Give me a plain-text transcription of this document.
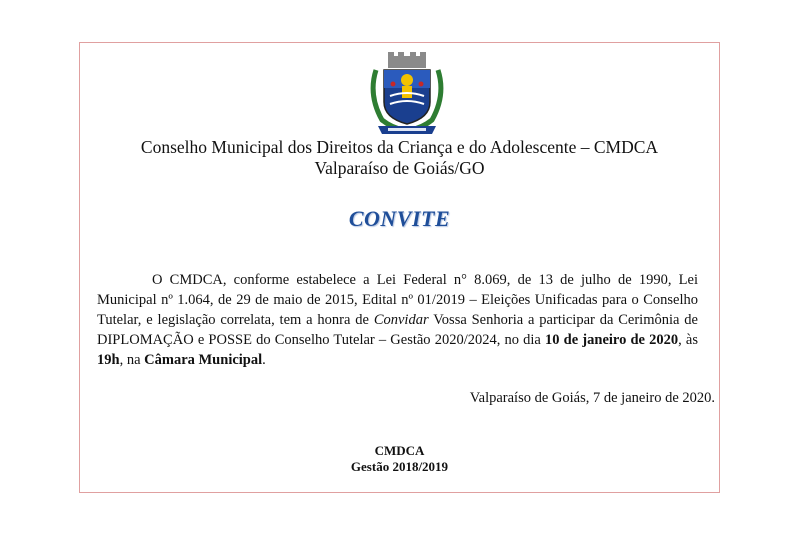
Conselho Municipal dos Direitos da Criança e do Adolescente – CMDCA
Valparaíso de Goiás/GO
CONVITE
O CMDCA, conforme estabelece a Lei Federal n° 8.069, de 13 de julho de 1990, Lei Municipal nº 1.064, de 29 de maio de 2015, Edital nº 01/2019 – Eleições Unificadas para o Conselho Tutelar, e legislação correlata, tem a honra de Convidar Vossa Senhoria a participar da Cerimônia de DIPLOMAÇÃO e POSSE do Conselho Tutelar – Gestão 2020/2024, no dia 10 de janeiro de 2020, às 19h, na Câmara Municipal.
Valparaíso de Goiás, 7 de janeiro de 2020.
CMDCA
Gestão 2018/2019
